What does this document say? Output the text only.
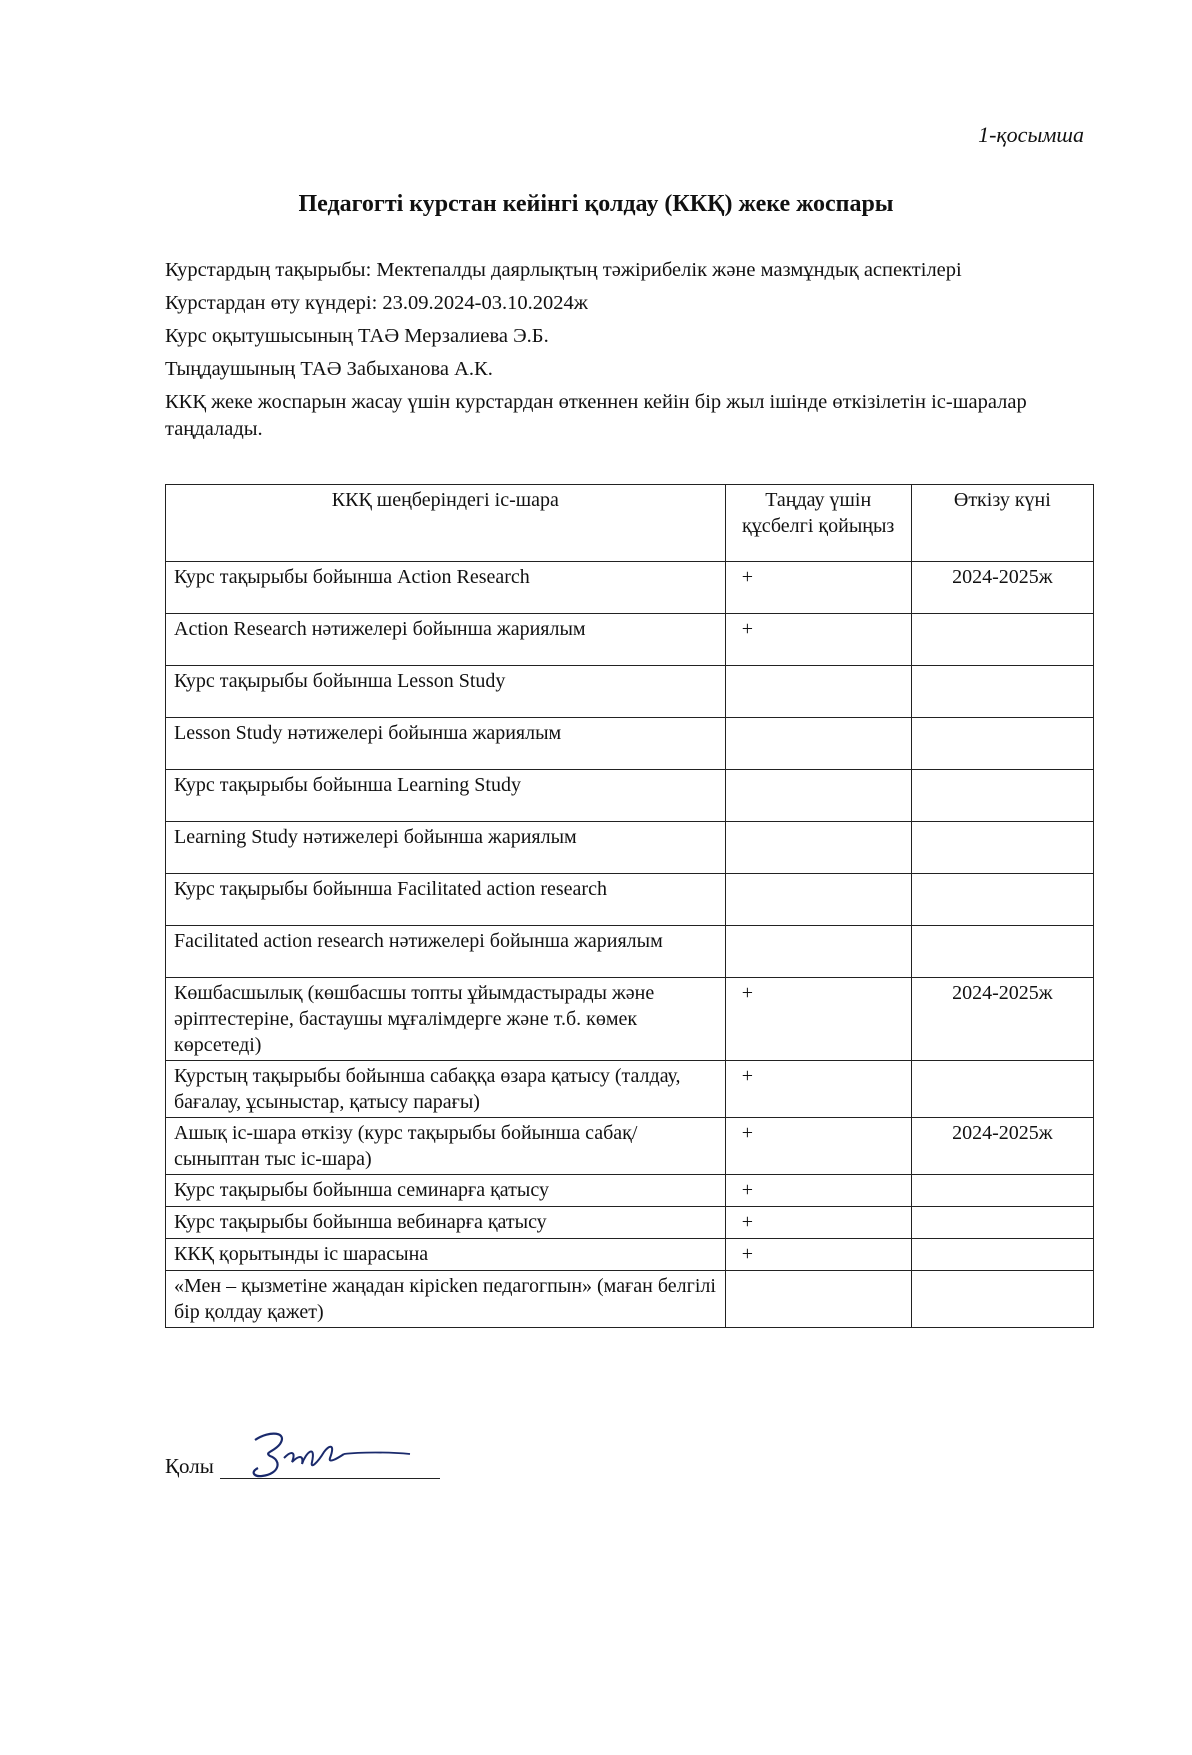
1-қосымша
Педагогті курстан кейінгі қолдау (ККҚ) жеке жоспары

Курстардың тақырыбы: Мектепалды даярлықтың тәжірибелік және мазмұндық аспектілері

Курстардан өту күндері: 23.09.2024-03.10.2024ж

Курс оқытушысының ТАӘ Мерзалиева Э.Б.

Тыңдаушының ТАӘ Забыханова А.К.

ККҚ жеке жоспарын жасау үшін курстардан өткеннен кейін бір жыл ішінде өткізілетін іс-шаралар таңдалады.

ККҚ шеңберіндегі іс-шара	Таңдау үшін құсбелгі қойыңыз	Өткізу күні
Курс тақырыбы бойынша Action Research	+	2024-2025ж
Action Research нәтижелері бойынша жариялым	+	
Курс тақырыбы бойынша Lesson Study		
Lesson Study нәтижелері бойынша жариялым		
Курс тақырыбы бойынша Learning Study		
Learning Study нәтижелері бойынша жариялым		
Курс тақырыбы бойынша Facilitated action research		
Facilitated action research нәтижелері бойынша жариялым		
Көшбасшылық (көшбасшы топты ұйымдастырады және әріптестеріне, бастаушы мұғалімдерге және т.б. көмек көрсетеді)	+	2024-2025ж
Курстың тақырыбы бойынша сабаққа өзара қатысу (талдау, бағалау, ұсыныстар, қатысу парағы)	+	
Ашық іс-шара өткізу (курс тақырыбы бойынша сабақ/ сыныптан тыс іс-шара)	+	2024-2025ж
Курс тақырыбы бойынша семинарға қатысу	+	
Курс тақырыбы бойынша вебинарға қатысу	+	
ККҚ қорытынды іс шарасына	+	
«Мен – қызметіне жаңадан кірісken педагогпын» (маған белгілі бір қолдау қажет)		
Қолы
